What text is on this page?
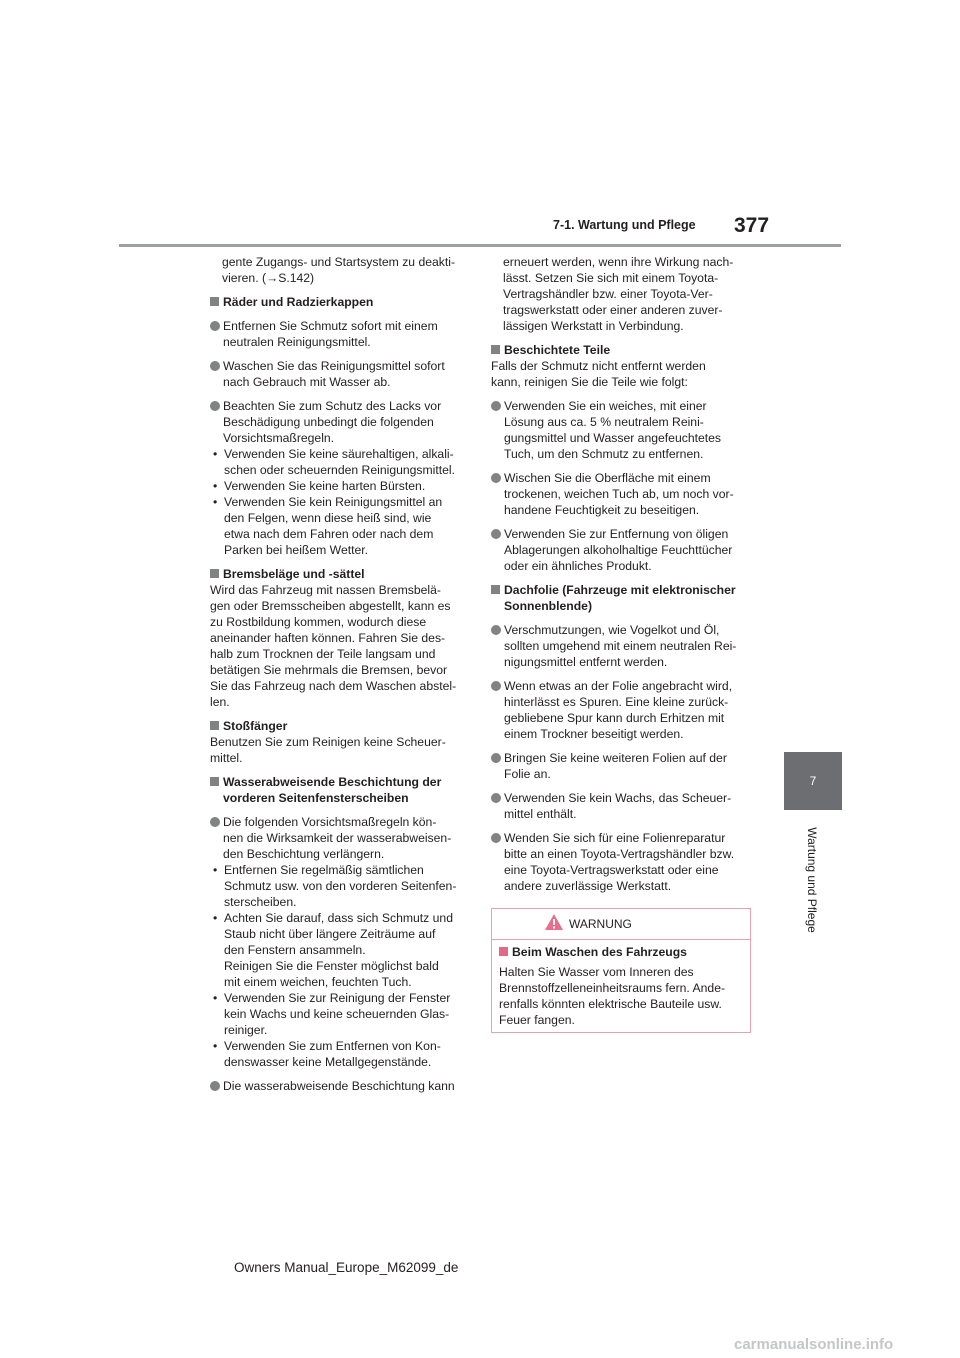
7-1. Wartung und Pflege 377
7
Wartung und Pflege
gente Zugangs- und Startsystem zu deakti-
vieren. (→S.142)
Räder und Radzierkappen
Entfernen Sie Schmutz sofort mit einem
neutralen Reinigungsmittel.
Waschen Sie das Reinigungsmittel sofort
nach Gebrauch mit Wasser ab.
Beachten Sie zum Schutz des Lacks vor
Beschädigung unbedingt die folgenden
Vorsichtsmaßregeln.
• Verwenden Sie keine säurehaltigen, alkali-
schen oder scheuernden Reinigungsmittel.
• Verwenden Sie keine harten Bürsten.
• Verwenden Sie kein Reinigungsmittel an
den Felgen, wenn diese heiß sind, wie
etwa nach dem Fahren oder nach dem
Parken bei heißem Wetter.
Bremsbeläge und -sättel
Wird das Fahrzeug mit nassen Bremsbelä-
gen oder Bremsscheiben abgestellt, kann es
zu Rostbildung kommen, wodurch diese
aneinander haften können. Fahren Sie des-
halb zum Trocknen der Teile langsam und
betätigen Sie mehrmals die Bremsen, bevor
Sie das Fahrzeug nach dem Waschen abstel-
len.
Stoßfänger
Benutzen Sie zum Reinigen keine Scheuer-
mittel.
Wasserabweisende Beschichtung der
vorderen Seitenfensterscheiben
Die folgenden Vorsichtsmaßregeln kön-
nen die Wirksamkeit der wasserabweisen-
den Beschichtung verlängern.
• Entfernen Sie regelmäßig sämtlichen
Schmutz usw. von den vorderen Seitenfen-
sterscheiben.
• Achten Sie darauf, dass sich Schmutz und
Staub nicht über längere Zeiträume auf
den Fenstern ansammeln.
Reinigen Sie die Fenster möglichst bald
mit einem weichen, feuchten Tuch.
• Verwenden Sie zur Reinigung der Fenster
kein Wachs und keine scheuernden Glas-
reiniger.
• Verwenden Sie zum Entfernen von Kon-
denswasser keine Metallgegenstände.
Die wasserabweisende Beschichtung kann
erneuert werden, wenn ihre Wirkung nach-
lässt. Setzen Sie sich mit einem Toyota-
Vertragshändler bzw. einer Toyota-Ver-
tragswerkstatt oder einer anderen zuver-
lässigen Werkstatt in Verbindung.
Beschichtete Teile
Falls der Schmutz nicht entfernt werden
kann, reinigen Sie die Teile wie folgt:
Verwenden Sie ein weiches, mit einer
Lösung aus ca. 5 % neutralem Reini-
gungsmittel und Wasser angefeuchtetes
Tuch, um den Schmutz zu entfernen.
Wischen Sie die Oberfläche mit einem
trockenen, weichen Tuch ab, um noch vor-
handene Feuchtigkeit zu beseitigen.
Verwenden Sie zur Entfernung von öligen
Ablagerungen alkoholhaltige Feuchttücher
oder ein ähnliches Produkt.
Dachfolie (Fahrzeuge mit elektronischer
Sonnenblende)
Verschmutzungen, wie Vogelkot und Öl,
sollten umgehend mit einem neutralen Rei-
nigungsmittel entfernt werden.
Wenn etwas an der Folie angebracht wird,
hinterlässt es Spuren. Eine kleine zurück-
gebliebene Spur kann durch Erhitzen mit
einem Trockner beseitigt werden.
Bringen Sie keine weiteren Folien auf der
Folie an.
Verwenden Sie kein Wachs, das Scheuer-
mittel enthält.
Wenden Sie sich für eine Folienreparatur
bitte an einen Toyota-Vertragshändler bzw.
eine Toyota-Vertragswerkstatt oder eine
andere zuverlässige Werkstatt.
WARNUNG
Beim Waschen des Fahrzeugs
Halten Sie Wasser vom Inneren des
Brennstoffzelleneinheitsraums fern. Ande-
renfalls könnten elektrische Bauteile usw.
Feuer fangen.
Owners Manual_Europe_M62099_de
carmanualsonline.info
